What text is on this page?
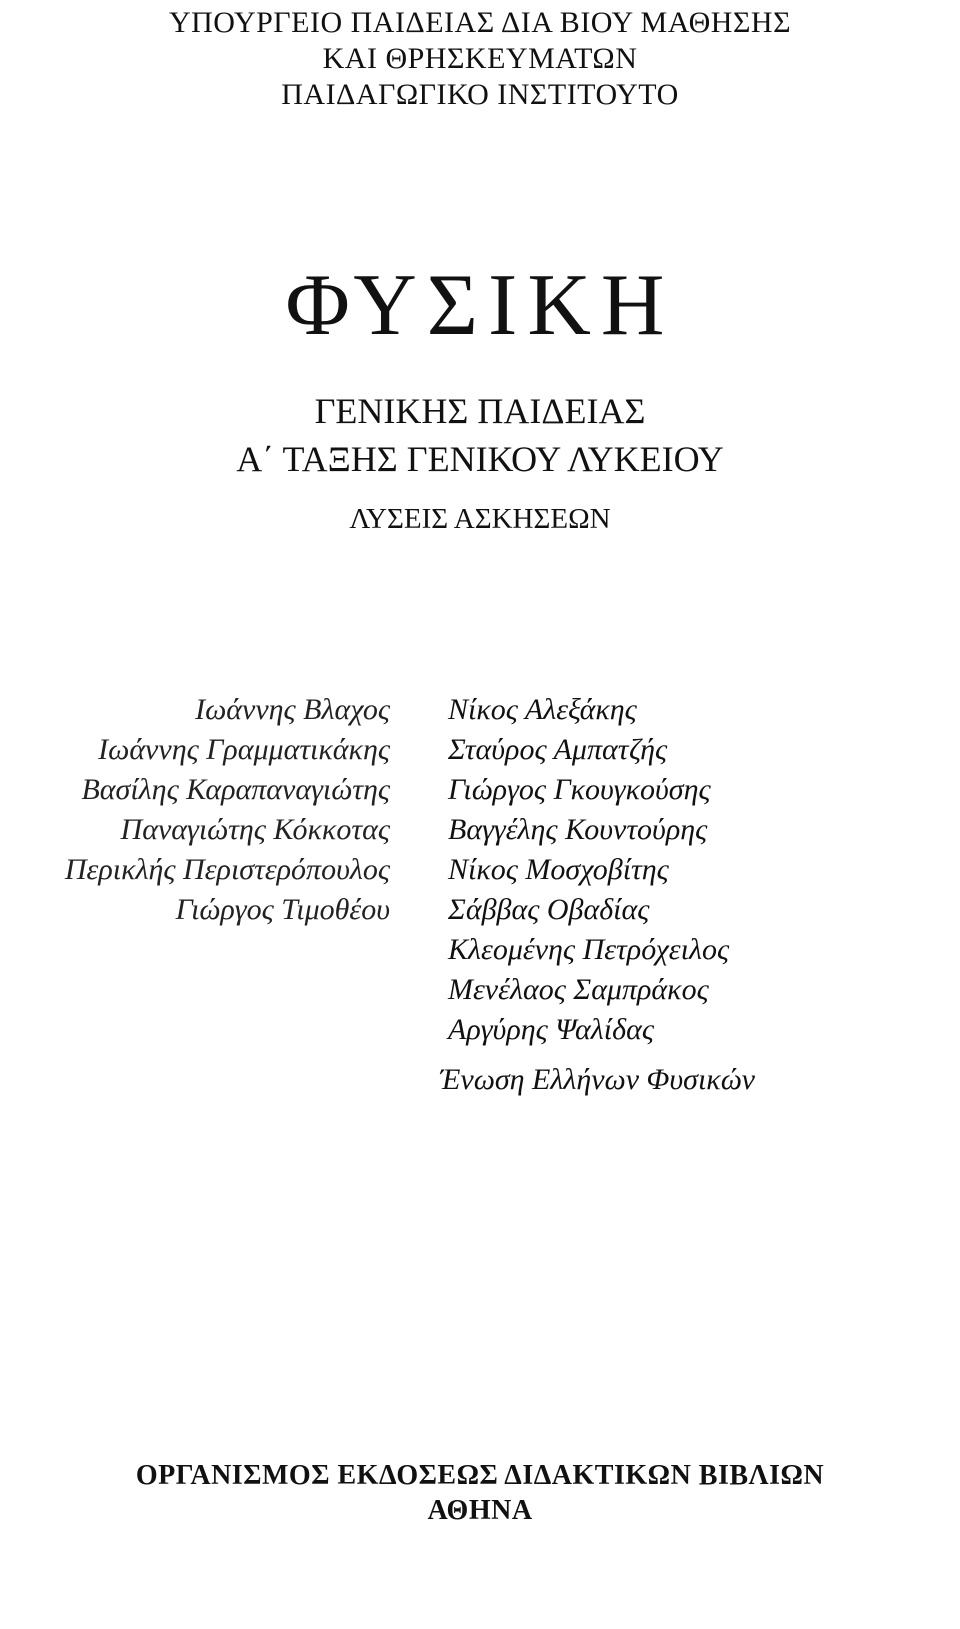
ΥΠΟΥΡΓΕΙΟ ΠΑΙΔΕΙΑΣ ΔΙΑ ΒΙΟΥ ΜΑΘΗΣΗΣ
ΚΑΙ ΘΡΗΣΚΕΥΜΑΤΩΝ
ΠΑΙΔΑΓΩΓΙΚΟ ΙΝΣΤΙΤΟΥΤΟ
ΦΥΣΙΚΗ
ΓΕΝΙΚΗΣ ΠΑΙΔΕΙΑΣ
Α΄ ΤΑΞΗΣ ΓΕΝΙΚΟΥ ΛΥΚΕΙΟΥ
ΛΥΣΕΙΣ ΑΣΚΗΣΕΩΝ
Ιωάννης Βλαχος
Ιωάννης Γραμματικάκης
Βασίλης Καραπαναγιώτης
Παναγιώτης Κόκκοτας
Περικλής Περιστερόπουλος
Γιώργος Τιμοθέου
Νίκος Αλεξάκης
Σταύρος Αμπατζής
Γιώργος Γκουγκούσης
Βαγγέλης Κουντούρης
Νίκος Μοσχοβίτης
Σάββας Οβαδίας
Κλεομένης Πετρόχειλος
Μενέλαος Σαμπράκος
Αργύρης Ψαλίδας
Ένωση Ελλήνων Φυσικών
ΟΡΓΑΝΙΣΜΟΣ ΕΚΔΟΣΕΩΣ ΔΙΔΑΚΤΙΚΩΝ ΒΙΒΛΙΩΝ
ΑΘΗΝΑ
